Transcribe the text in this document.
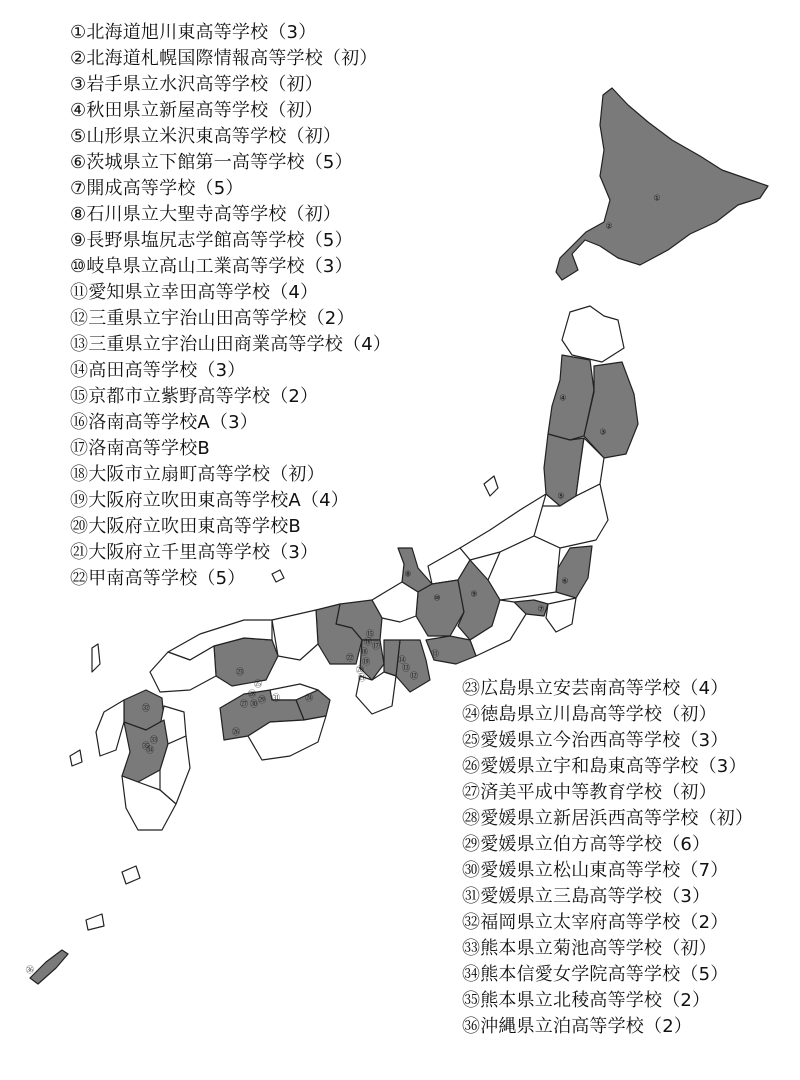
①
②
③
④
⑤
⑥
⑦
⑧
⑨
⑩
⑪
⑫
⑬
⑭
⑮
⑯ ⑰
⑱
⑲
⑳
㉑
㉒
㉓
㉔
㉕
㉖
㉗
㉘
㉙
㉚
㉛
㉜
㉝
㉞
㉟
㊱
①北海道旭川東高等学校（3）
②北海道札幌国際情報高等学校（初）
③岩手県立水沢高等学校（初）
④秋田県立新屋高等学校（初）
⑤山形県立米沢東高等学校（初）
⑥茨城県立下館第一高等学校（5）
⑦開成高等学校（5）
⑧石川県立大聖寺高等学校（初）
⑨長野県塩尻志学館高等学校（5）
⑩岐阜県立高山工業高等学校（3）
⑪愛知県立幸田高等学校（4）
⑫三重県立宇治山田高等学校（2）
⑬三重県立宇治山田商業高等学校（4）
⑭高田高等学校（3）
⑮京都市立紫野高等学校（2）
⑯洛南高等学校A（3）
⑰洛南高等学校B
⑱大阪市立扇町高等学校（初）
⑲大阪府立吹田東高等学校A（4）
⑳大阪府立吹田東高等学校B
㉑大阪府立千里高等学校（3）
㉒甲南高等学校（5）
㉓広島県立安芸南高等学校（4）
㉔徳島県立川島高等学校（初）
㉕愛媛県立今治西高等学校（3）
㉖愛媛県立宇和島東高等学校（3）
㉗済美平成中等教育学校（初）
㉘愛媛県立新居浜西高等学校（初）
㉙愛媛県立伯方高等学校（6）
㉚愛媛県立松山東高等学校（7）
㉛愛媛県立三島高等学校（3）
㉜福岡県立太宰府高等学校（2）
㉝熊本県立菊池高等学校（初）
㉞熊本信愛女学院高等学校（5）
㉟熊本県立北稜高等学校（2）
㊱沖縄県立泊高等学校（2）
